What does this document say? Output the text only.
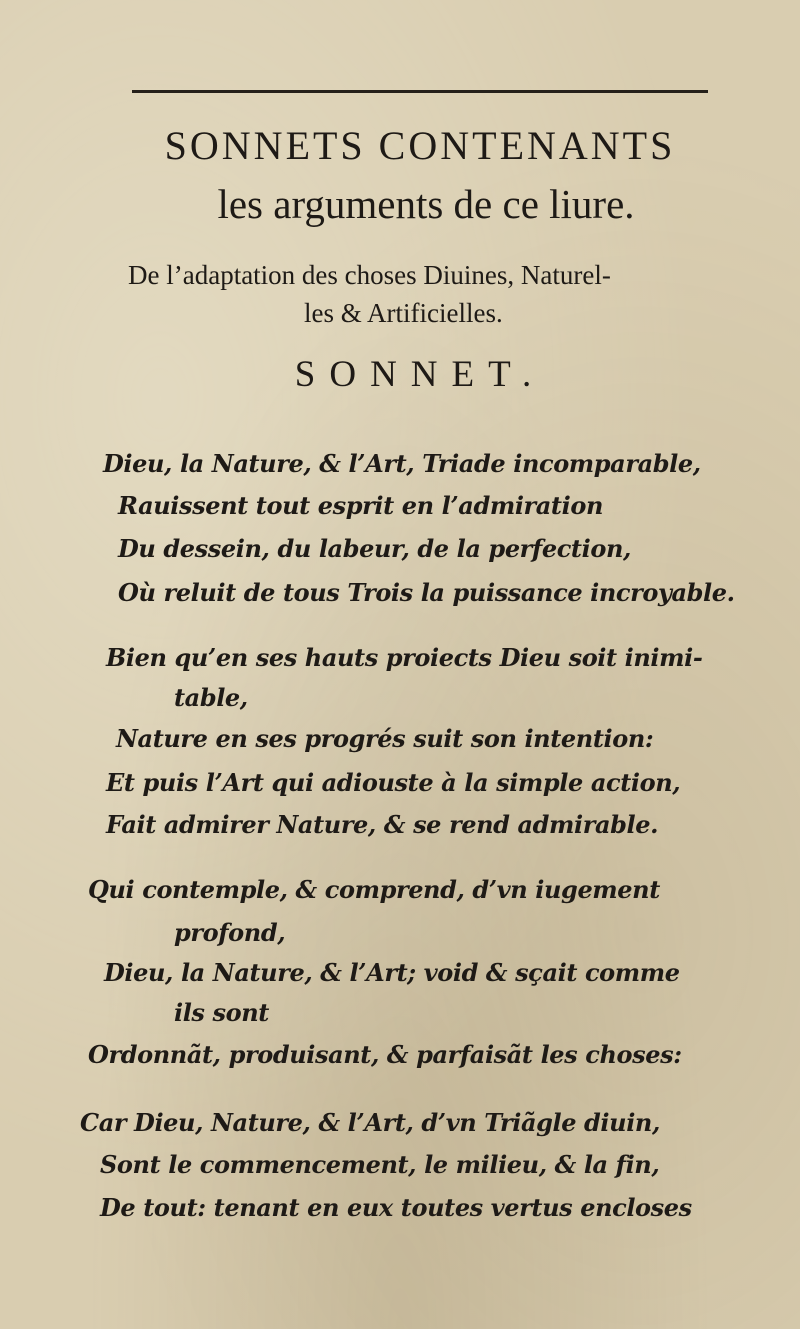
SONNETS CONTENANTS
les arguments de ce liure.
De l’adaptation des choses Diuines, Naturel-
les & Artificielles.
SONNET.
Dieu, la Nature, & l’Art, Triade incomparable,
Rauissent tout esprit en l’admiration
Du dessein, du labeur, de la perfection,
Où reluit de tous Trois la puissance incroyable.
Bien qu’en ses hauts proiects Dieu soit inimi-
table,
Nature en ses progrés suit son intention:
Et puis l’Art qui adiouste à la simple action,
Fait admirer Nature, & se rend admirable.
Qui contemple, & comprend, d’vn iugement
profond,
Dieu, la Nature, & l’Art; void & sçait comme
ils sont
Ordonnãt, produisant, & parfaisãt les choses:
Car Dieu, Nature, & l’Art, d’vn Triãgle diuin,
Sont le commencement, le milieu, & la fin,
De tout: tenant en eux toutes vertus encloses
